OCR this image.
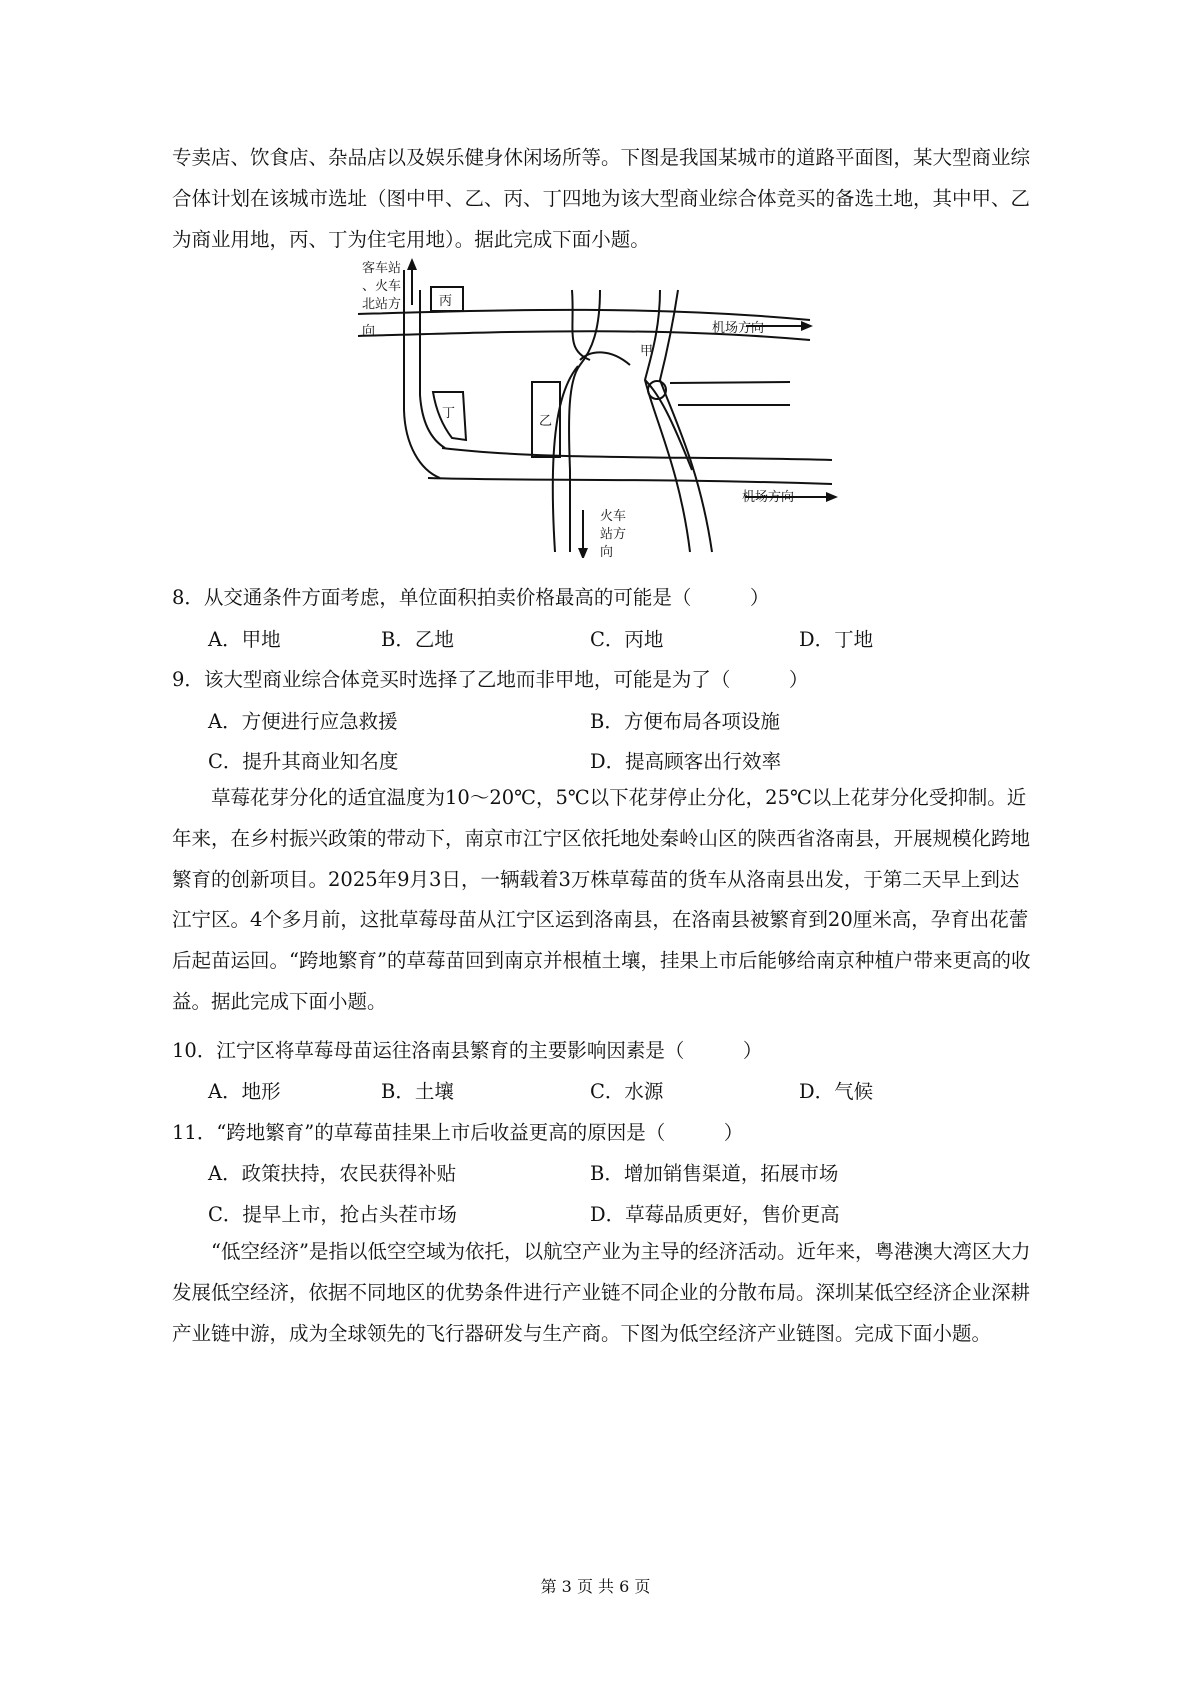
专卖店、饮食店、杂品店以及娱乐健身休闲场所等。下图是我国某城市的道路平面图，某大型商业综合体计划在该城市选址（图中甲、乙、丙、丁四地为该大型商业综合体竞买的备选土地，其中甲、乙为商业用地，丙、丁为住宅用地）。据此完成下面小题。

客车站
、火车
北站方
向
丙
甲
丁
乙
机场方向
机场方向
火车
站方
向

8．从交通条件方面考虑，单位面积拍卖价格最高的可能是（　　　）

A．甲地	B．乙地	C．丙地	D．丁地

9．该大型商业综合体竞买时选择了乙地而非甲地，可能是为了（　　　）

A．方便进行应急救援	B．方便布局各项设施

C．提升其商业知名度	D．提高顾客出行效率

草莓花芽分化的适宜温度为10～20℃，5℃以下花芽停止分化，25℃以上花芽分化受抑制。近年来，在乡村振兴政策的带动下，南京市江宁区依托地处秦岭山区的陕西省洛南县，开展规模化跨地繁育的创新项目。2025年9月3日，一辆载着3万株草莓苗的货车从洛南县出发，于第二天早上到达江宁区。4个多月前，这批草莓母苗从江宁区运到洛南县，在洛南县被繁育到20厘米高，孕育出花蕾后起苗运回。“跨地繁育”的草莓苗回到南京并根植土壤，挂果上市后能够给南京种植户带来更高的收益。据此完成下面小题。

10．江宁区将草莓母苗运往洛南县繁育的主要影响因素是（　　　）

A．地形	B．土壤	C．水源	D．气候

11．“跨地繁育”的草莓苗挂果上市后收益更高的原因是（　　　）

A．政策扶持，农民获得补贴	B．增加销售渠道，拓展市场

C．提早上市，抢占头茬市场	D．草莓品质更好，售价更高

“低空经济”是指以低空空域为依托，以航空产业为主导的经济活动。近年来，粤港澳大湾区大力发展低空经济，依据不同地区的优势条件进行产业链不同企业的分散布局。深圳某低空经济企业深耕产业链中游，成为全球领先的飞行器研发与生产商。下图为低空经济产业链图。完成下面小题。

第 3 页 共 6 页
